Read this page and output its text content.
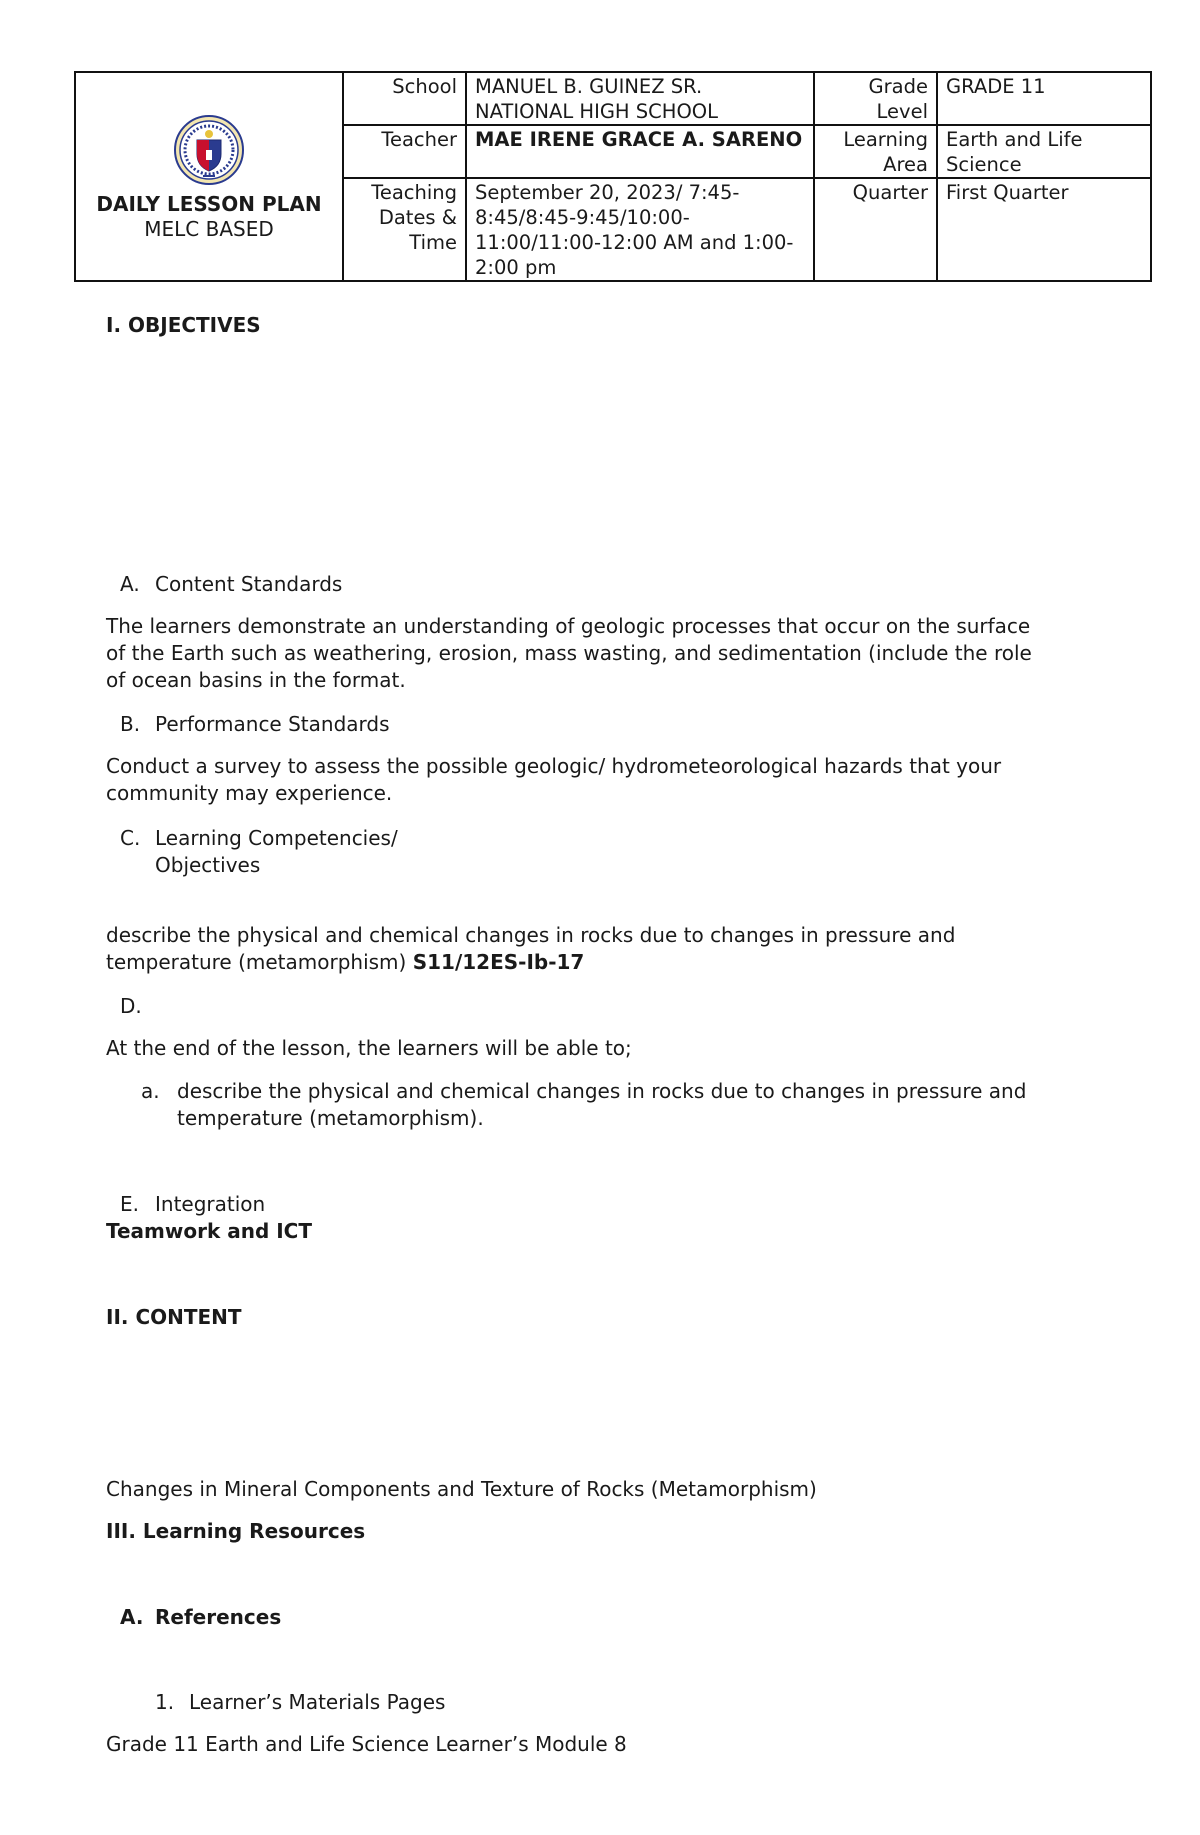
DAILY LESSON PLAN
MELC BASED	School	MANUEL B. GUINEZ SR. NATIONAL HIGH SCHOOL	Grade Level	GRADE 11
	Teacher	MAE IRENE GRACE A. SARENO	Learning Area	Earth and Life Science
	Teaching Dates & Time	September 20, 2023/ 7:45-8:45/8:45-9:45/10:00-11:00/11:00-12:00 AM and 1:00-2:00 pm	Quarter	First Quarter
I. OBJECTIVES
A. Content Standards
The learners demonstrate an understanding of geologic processes that occur on the surface of the Earth such as weathering, erosion, mass wasting, and sedimentation (include the role of ocean basins in the format.
B. Performance Standards
Conduct a survey to assess the possible geologic/ hydrometeorological hazards that your community may experience.
C. Learning Competencies/
Objectives
describe the physical and chemical changes in rocks due to changes in pressure and temperature (metamorphism) S11/12ES-Ib-17
D.
At the end of the lesson, the learners will be able to;
a. describe the physical and chemical changes in rocks due to changes in pressure and temperature (metamorphism).
E. Integration
Teamwork and ICT
II. CONTENT
Changes in Mineral Components and Texture of Rocks (Metamorphism)
III. Learning Resources
A. References
1. Learner’s Materials Pages
Grade 11 Earth and Life Science Learner’s Module 8
